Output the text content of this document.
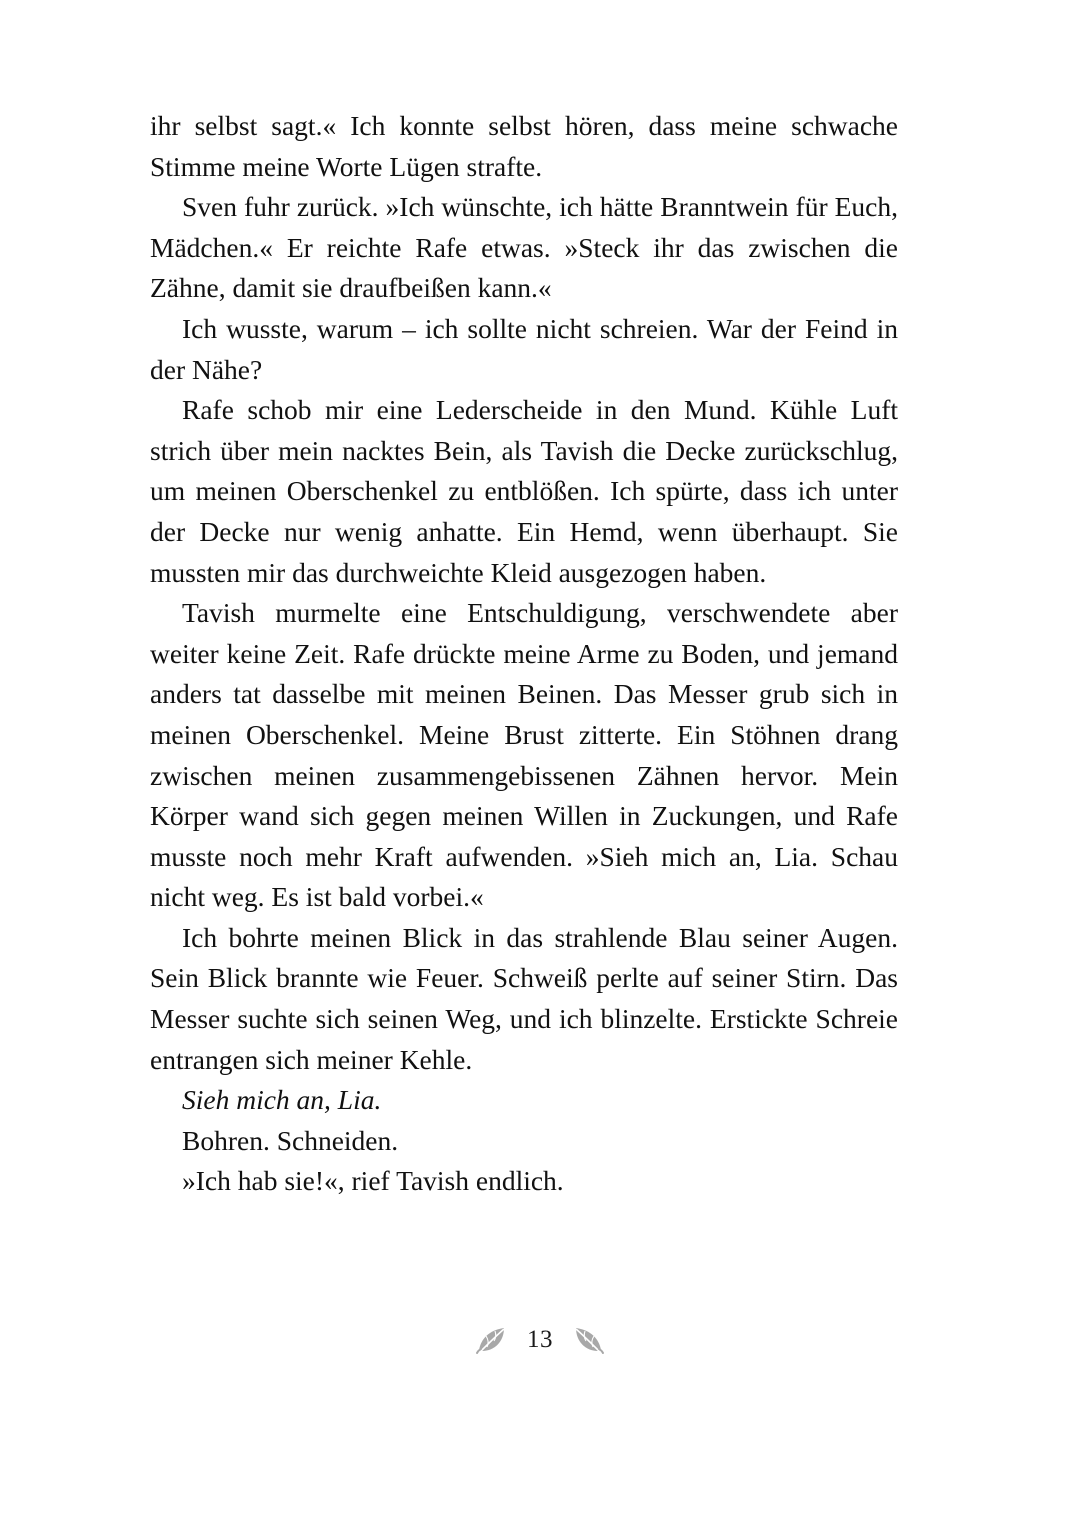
ihr selbst sagt.« Ich konnte selbst hören, dass meine schwache Stimme meine Worte Lügen strafte.

Sven fuhr zurück. »Ich wünschte, ich hätte Branntwein für Euch, Mädchen.« Er reichte Rafe etwas. »Steck ihr das zwischen die Zähne, damit sie draufbeißen kann.«

Ich wusste, warum – ich sollte nicht schreien. War der Feind in der Nähe?

Rafe schob mir eine Lederscheide in den Mund. Kühle Luft strich über mein nacktes Bein, als Tavish die Decke zurückschlug, um meinen Oberschenkel zu entblößen. Ich spürte, dass ich unter der Decke nur wenig anhatte. Ein Hemd, wenn überhaupt. Sie mussten mir das durchweichte Kleid ausgezogen haben.

Tavish murmelte eine Entschuldigung, verschwendete aber weiter keine Zeit. Rafe drückte meine Arme zu Boden, und jemand anders tat dasselbe mit meinen Beinen. Das Messer grub sich in meinen Oberschenkel. Meine Brust zitterte. Ein Stöhnen drang zwischen meinen zusammengebissenen Zähnen hervor. Mein Körper wand sich gegen meinen Willen in Zuckungen, und Rafe musste noch mehr Kraft aufwenden. »Sieh mich an, Lia. Schau nicht weg. Es ist bald vorbei.«

Ich bohrte meinen Blick in das strahlende Blau seiner Augen. Sein Blick brannte wie Feuer. Schweiß perlte auf seiner Stirn. Das Messer suchte sich seinen Weg, und ich blinzelte. Erstickte Schreie entrangen sich meiner Kehle.

Sieh mich an, Lia.

Bohren. Schneiden.

»Ich hab sie!«, rief Tavish endlich.

13
